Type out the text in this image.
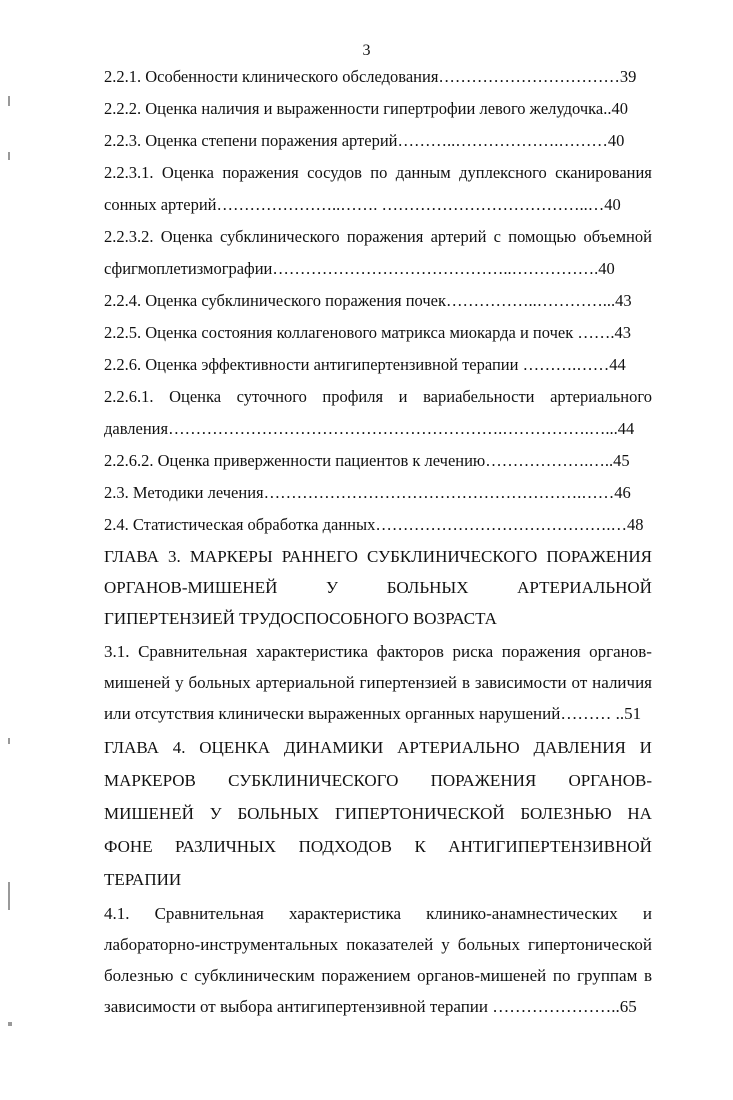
3
2.2.1. Особенности клинического обследования……………………………39
2.2.2. Оценка наличия и выраженности гипертрофии левого желудочка..40
2.2.3. Оценка степени поражения артерий………..……………….………40
2.2.3.1. Оценка поражения сосудов по данным дуплексного сканирования
сонных артерий…………………..……. ………………………………..…40
2.2.3.2. Оценка субклинического поражения артерий с помощью объемной
сфигмоплетизмографии……………………………………..…………….40
2.2.4. Оценка субклинического поражения почек……………..…………...43
2.2.5. Оценка состояния коллагенового матрикса миокарда и почек …….43
2.2.6. Оценка эффективности антигипертензивной терапии ……….……44
2.2.6.1. Оценка суточного профиля и вариабельности артериального
давления…………………………………………………….…………….…...44
2.2.6.2. Оценка приверженности пациентов к лечению……………….…..45
2.3. Методики лечения………………………………………………….……46
2.4. Статистическая обработка данных…………………………………….…48
ГЛАВА 3. МАРКЕРЫ РАННЕГО СУБКЛИНИЧЕСКОГО ПОРАЖЕНИЯ
ОРГАНОВ-МИШЕНЕЙ	У	БОЛЬНЫХ	АРТЕРИАЛЬНОЙ
ГИПЕРТЕНЗИЕЙ ТРУДОСПОСОБНОГО ВОЗРАСТА
3.1. Сравнительная характеристика факторов риска поражения органов-
мишеней у больных артериальной гипертензией в зависимости от наличия
или отсутствия клинически выраженных органных нарушений……… ..51
ГЛАВА 4. ОЦЕНКА ДИНАМИКИ АРТЕРИАЛЬНО ДАВЛЕНИЯ И
МАРКЕРОВ СУБКЛИНИЧЕСКОГО ПОРАЖЕНИЯ ОРГАНОВ-
МИШЕНЕЙ У БОЛЬНЫХ ГИПЕРТОНИЧЕСКОЙ БОЛЕЗНЬЮ НА
ФОНЕ РАЗЛИЧНЫХ ПОДХОДОВ К АНТИГИПЕРТЕНЗИВНОЙ
ТЕРАПИИ
4.1. Сравнительная характеристика клинико-анамнестических и
лабораторно-инструментальных показателей у больных гипертонической
болезнью с субклиническим поражением органов-мишеней по группам в
зависимости от выбора антигипертензивной терапии …………………..65
